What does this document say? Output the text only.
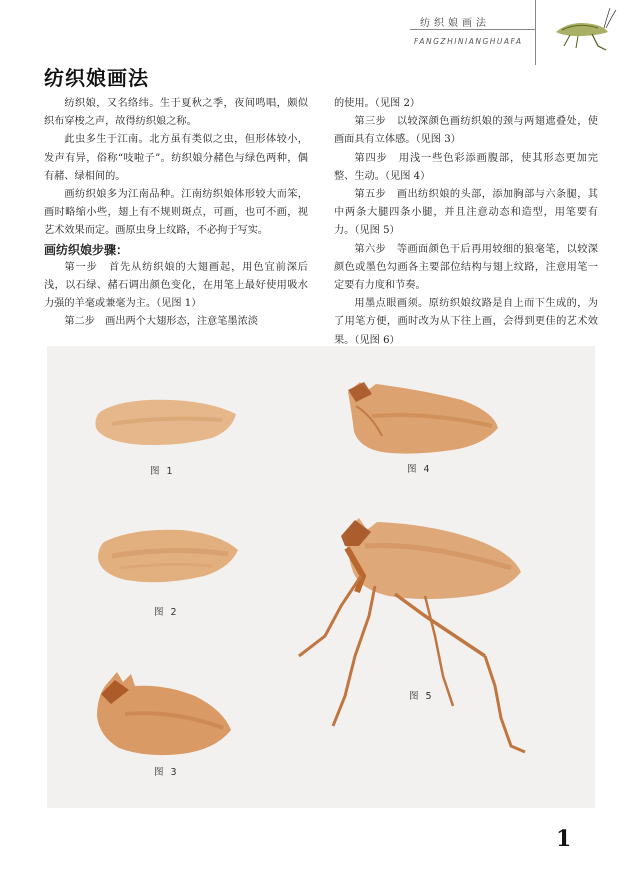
纺织娘画法
FANGZHINIANGHUAFA
纺织娘画法

纺织娘，又名络纬。生于夏秋之季，夜间鸣唱，颇似织布穿梭之声，故得纺织娘之称。

此虫多生于江南。北方虽有类似之虫，但形体较小，发声有异，俗称“吱啦子”。纺织娘分赭色与绿色两种，偶有赭、绿相间的。

画纺织娘多为江南品种。江南纺织娘体形较大而笨，画时略缩小些，翅上有不规则斑点，可画，也可不画，视艺术效果而定。画原虫身上纹路，不必拘于写实。

画纺织娘步骤：

第一步　首先从纺织娘的大翅画起，用色宜前深后浅，以石绿、赭石调出颜色变化，在用笔上最好使用吸水力强的羊毫或兼毫为主。（见图 1）

第二步　画出两个大翅形态，注意笔墨浓淡

的使用。（见图 2）

第三步　以较深颜色画纺织娘的颈与两翅遮叠处，使画面具有立体感。（见图 3）

第四步　用浅一些色彩添画腹部，使其形态更加完整、生动。（见图 4）

第五步　画出纺织娘的头部，添加胸部与六条腿，其中两条大腿四条小腿，并且注意动态和造型，用笔要有力。（见图 5）

第六步　等画面颜色干后再用较细的狼毫笔，以较深颜色或墨色勾画各主要部位结构与翅上纹路，注意用笔一定要有力度和节奏。

用墨点眼画须。原纺织娘纹路是自上而下生成的，为了用笔方便，画时改为从下往上画，会得到更佳的艺术效果。（见图 6）

图 1
图 2
图 3
图 4
图 5
1
